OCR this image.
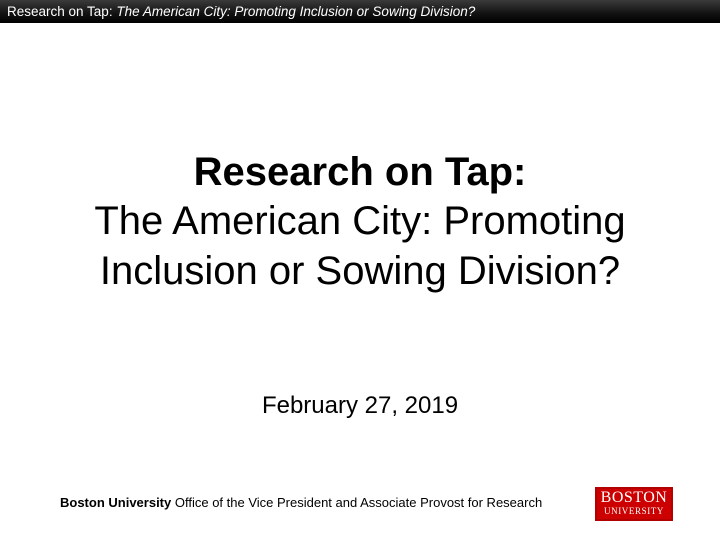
Research on Tap: The American City: Promoting Inclusion or Sowing Division?
Research on Tap:
The American City: Promoting
Inclusion or Sowing Division?
February 27, 2019
Boston University Office of the Vice President and Associate Provost for Research	BOSTON
UNIVERSITY
